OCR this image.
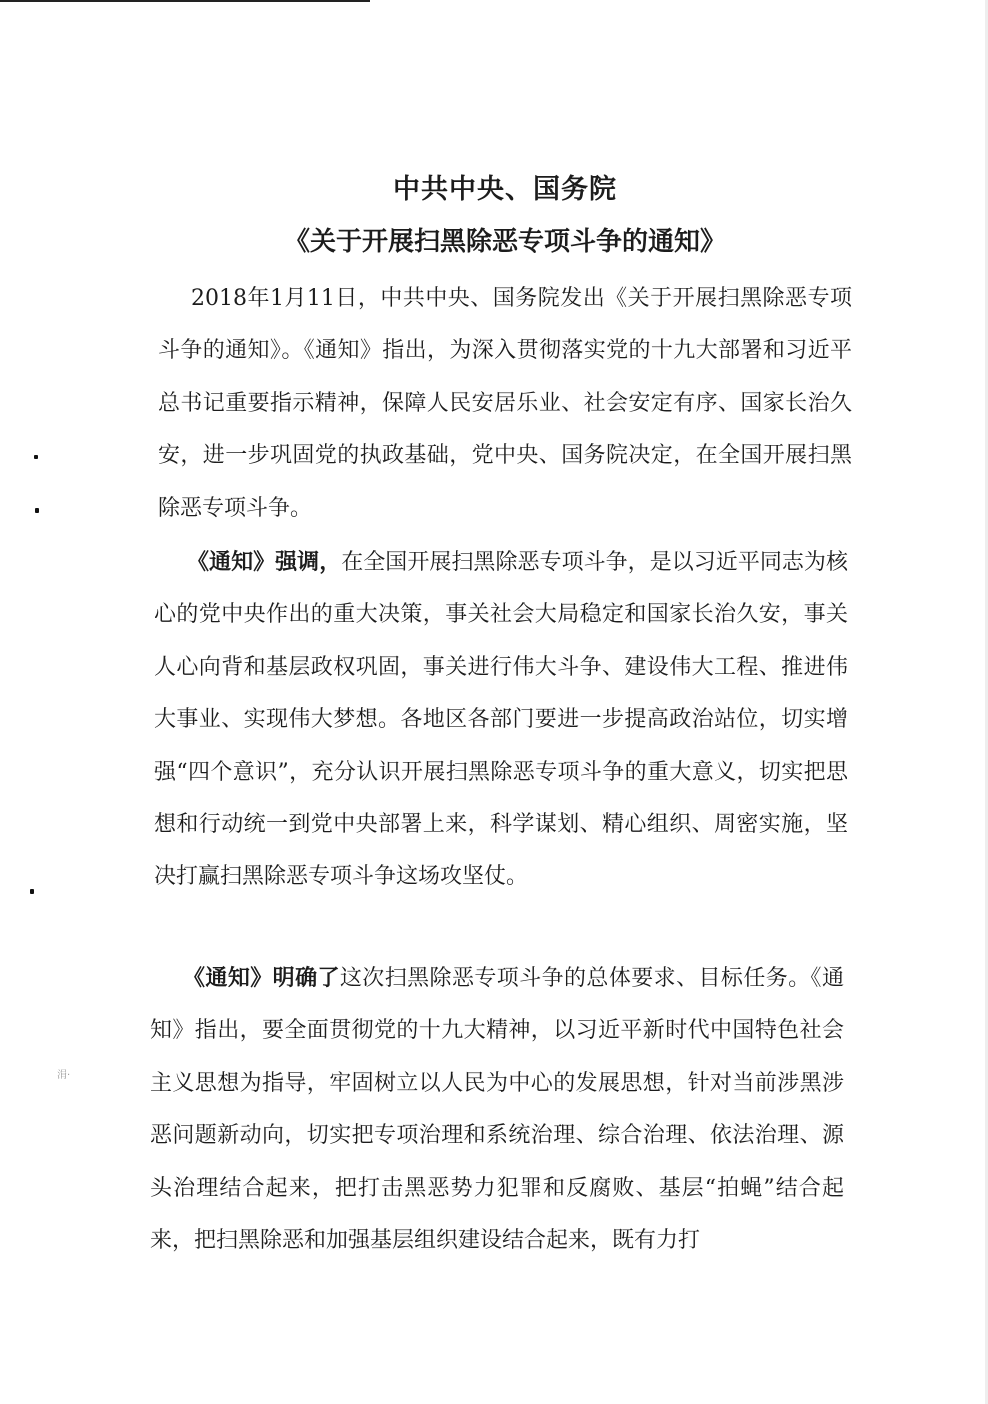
中共中央、国务院
《关于开展扫黑除恶专项斗争的通知》

2018年1月11日，中共中央、国务院发出《关于开展扫黑除恶专项斗争的通知》。《通知》指出，为深入贯彻落实党的十九大部署和习近平总书记重要指示精神，保障人民安居乐业、社会安定有序、国家长治久安，进一步巩固党的执政基础，党中央、国务院决定，在全国开展扫黑除恶专项斗争。

《通知》强调，在全国开展扫黑除恶专项斗争，是以习近平同志为核心的党中央作出的重大决策，事关社会大局稳定和国家长治久安，事关人心向背和基层政权巩固，事关进行伟大斗争、建设伟大工程、推进伟大事业、实现伟大梦想。各地区各部门要进一步提高政治站位，切实增强“四个意识”，充分认识开展扫黑除恶专项斗争的重大意义，切实把思想和行动统一到党中央部署上来，科学谋划、精心组织、周密实施，坚决打赢扫黑除恶专项斗争这场攻坚仗。

《通知》明确了这次扫黑除恶专项斗争的总体要求、目标任务。《通知》指出，要全面贯彻党的十九大精神，以习近平新时代中国特色社会主义思想为指导，牢固树立以人民为中心的发展思想，针对当前涉黑涉恶问题新动向，切实把专项治理和系统治理、综合治理、依法治理、源头治理结合起来，把打击黑恶势力犯罪和反腐败、基层“拍蝇”结合起来，把扫黑除恶和加强基层组织建设结合起来，既有力打

涓·
